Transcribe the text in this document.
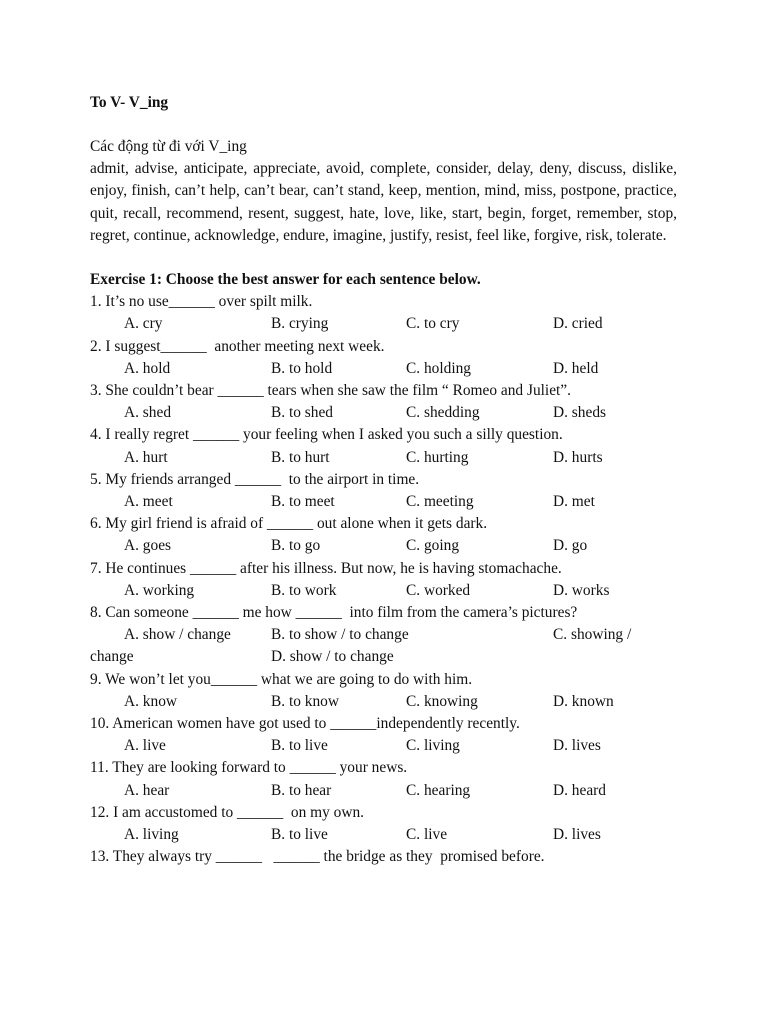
To V- V_ing

Các động từ đi với V_ing

admit, advise, anticipate, appreciate, avoid, complete, consider, delay, deny, discuss, dislike, enjoy, finish, can’t help, can’t bear, can’t stand, keep, mention, mind, miss, postpone, practice, quit, recall, recommend, resent, suggest, hate, love, like, start, begin, forget, remember, stop, regret, continue, acknowledge, endure, imagine, justify, resist, feel like, forgive, risk, tolerate.

Exercise 1: Choose the best answer for each sentence below.

1. It’s no use______ over spilt milk.

A. cry	B. crying	C. to cry	D. cried

2. I suggest______  another meeting next week.

A. hold	B. to hold	C. holding	D. held

3. She couldn’t bear ______ tears when she saw the film “ Romeo and Juliet”.

A. shed	B. to shed	C. shedding	D. sheds

4. I really regret ______ your feeling when I asked you such a silly question.

A. hurt	B. to hurt	C. hurting	D. hurts

5. My friends arranged ______  to the airport in time.

A. meet	B. to meet	C. meeting	D. met

6. My girl friend is afraid of ______ out alone when it gets dark.

A. goes	B. to go	C. going	D. go

7. He continues ______ after his illness. But now, he is having stomachache.

A. working	B. to work	C. worked	D. works

8. Can someone ______ me how ______  into film from the camera’s pictures?

A. show / change	B. to show / to change	C. showing /
change	D. show / to change

9. We won’t let you______ what we are going to do with him.

A. know	B. to know	C. knowing	D. known

10. American women have got used to ______independently recently.

A. live	B. to live	C. living	D. lives

11. They are looking forward to ______ your news.

A. hear	B. to hear	C. hearing	D. heard

12. I am accustomed to ______  on my own.

A. living	B. to live	C. live	D. lives

13. They always try ______   ______ the bridge as they  promised before.
